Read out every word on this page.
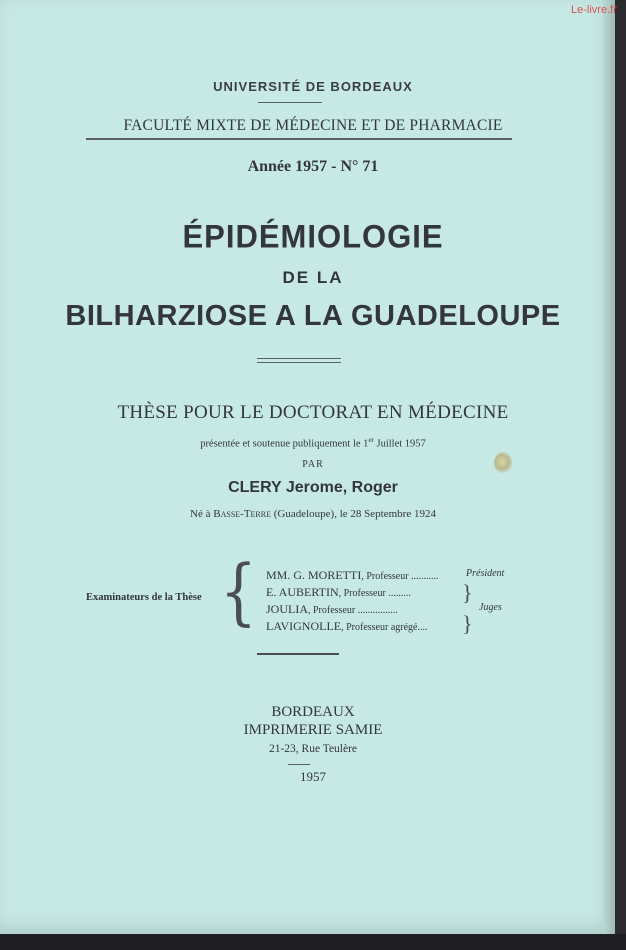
Le-livre.fr
UNIVERSITÉ DE BORDEAUX
FACULTÉ MIXTE DE MÉDECINE ET DE PHARMACIE
Année 1957 - N° 71
ÉPIDÉMIOLOGIE
DE LA
BILHARZIOSE A LA GUADELOUPE
THÈSE POUR LE DOCTORAT EN MÉDECINE
présentée et soutenue publiquement le 1er Juillet 1957
PAR
CLERY Jerome, Roger
Né à Basse-Terre (Guadeloupe), le 28 Septembre 1924
Examinateurs de la Thèse { MM. G. MORETTI, Professeur ...........
E. AUBERTIN, Professeur .........
JOULIA, Professeur ................
LAVIGNOLLE, Professeur agrégé....
Président
}
}
Juges
BORDEAUX
IMPRIMERIE SAMIE
21-23, Rue Teulère
1957
